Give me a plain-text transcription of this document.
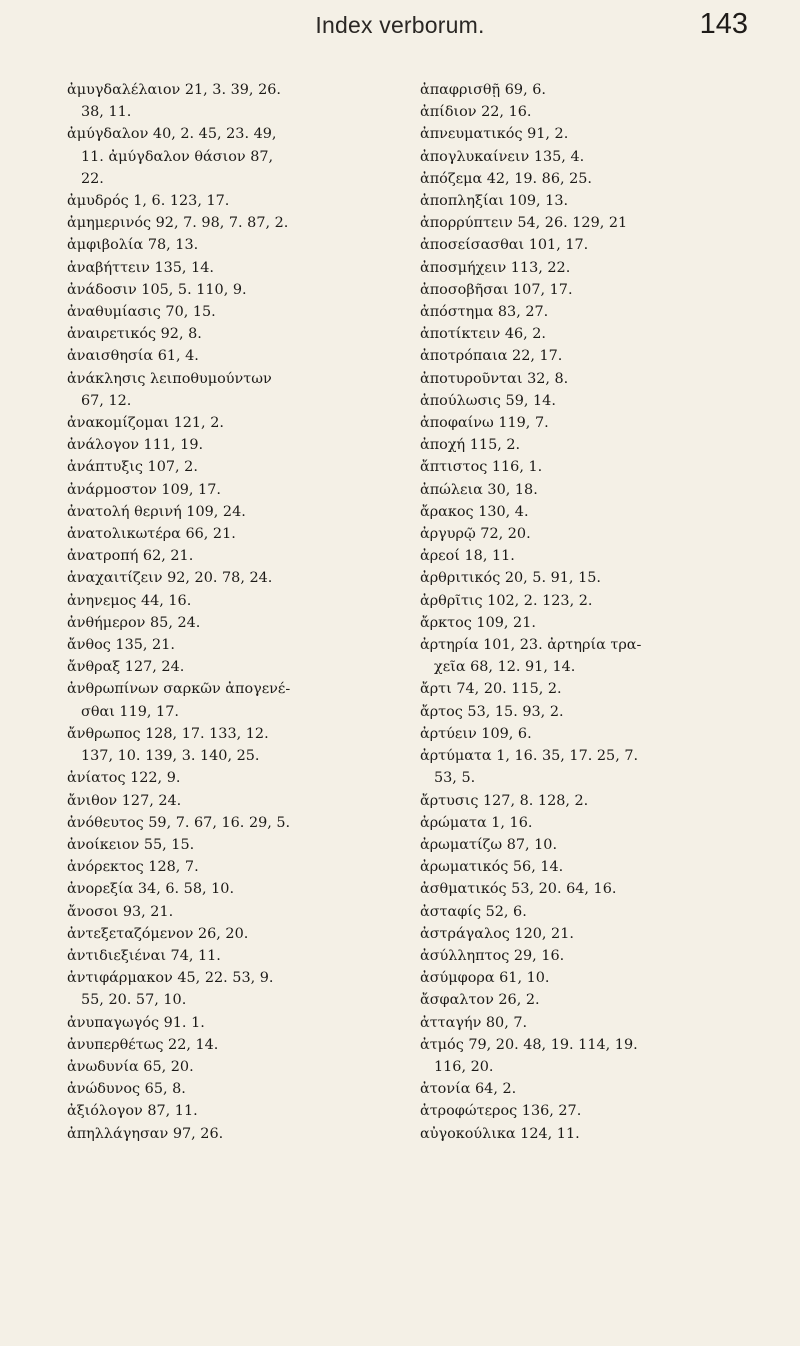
Index verborum.	143
ἀμυγδαλέλαιον 21, 3. 39, 26.
38, 11.
ἀμύγδαλον 40, 2. 45, 23. 49,
11. ἀμύγδαλον θάσιον 87,
22.
ἀμυδρός 1, 6. 123, 17.
ἀμημερινός 92, 7. 98, 7. 87, 2.
ἀμφιβολία 78, 13.
ἀναβήττειν 135, 14.
ἀνάδοσιν 105, 5. 110, 9.
ἀναθυμίασις 70, 15.
ἀναιρετικός 92, 8.
ἀναισθησία 61, 4.
ἀνάκλησις λειποθυμούντων
67, 12.
ἀνακομίζομαι 121, 2.
ἀνάλογον 111, 19.
ἀνάπτυξις 107, 2.
ἀνάρμοστον 109, 17.
ἀνατολή θερινή 109, 24.
ἀνατολικωτέρα 66, 21.
ἀνατροπή 62, 21.
ἀναχαιτίζειν 92, 20. 78, 24.
ἀνηνεμος 44, 16.
ἀνθήμερον 85, 24.
ἄνθος 135, 21.
ἄνθραξ 127, 24.
ἀνθρωπίνων σαρκῶν ἀπογενέ-
σθαι 119, 17.
ἄνθρωπος 128, 17. 133, 12.
137, 10. 139, 3. 140, 25.
ἀνίατος 122, 9.
ἄνιθον 127, 24.
ἀνόθευτος 59, 7. 67, 16. 29, 5.
ἀνοίκειον 55, 15.
ἀνόρεκτος 128, 7.
ἀνορεξία 34, 6. 58, 10.
ἄνοσοι 93, 21.
ἀντεξεταζόμενον 26, 20.
ἀντιδιεξιέναι 74, 11.
ἀντιφάρμακον 45, 22. 53, 9.
55, 20. 57, 10.
ἀνυπαγωγός 91. 1.
ἀνυπερθέτως 22, 14.
ἀνωδυνία 65, 20.
ἀνώδυνος 65, 8.
ἀξιόλογον 87, 11.
ἀπηλλάγησαν 97, 26.
ἀπαφρισθῇ 69, 6.
ἀπίδιον 22, 16.
ἀπνευματικός 91, 2.
ἀπογλυκαίνειν 135, 4.
ἀπόζεμα 42, 19. 86, 25.
ἀποπληξίαι 109, 13.
ἀπορρύπτειν 54, 26. 129, 21
ἀποσείσασθαι 101, 17.
ἀποσμήχειν 113, 22.
ἀποσοβῆσαι 107, 17.
ἀπόστημα 83, 27.
ἀποτίκτειν 46, 2.
ἀποτρόπαια 22, 17.
ἀποτυροῦνται 32, 8.
ἀπούλωσις 59, 14.
ἀποφαίνω 119, 7.
ἀποχή 115, 2.
ἄπτιστος 116, 1.
ἀπώλεια 30, 18.
ἄρακος 130, 4.
ἀργυρῷ 72, 20.
ἀρεοί 18, 11.
ἀρθριτικός 20, 5. 91, 15.
ἀρθρῖτις 102, 2. 123, 2.
ἄρκτος 109, 21.
ἀρτηρία 101, 23. ἀρτηρία τρα-
χεῖα 68, 12. 91, 14.
ἄρτι 74, 20. 115, 2.
ἄρτος 53, 15. 93, 2.
ἀρτύειν 109, 6.
ἀρτύματα 1, 16. 35, 17. 25, 7.
53, 5.
ἄρτυσις 127, 8. 128, 2.
ἀρώματα 1, 16.
ἀρωματίζω 87, 10.
ἀρωματικός 56, 14.
ἀσθματικός 53, 20. 64, 16.
ἀσταφίς 52, 6.
ἀστράγαλος 120, 21.
ἀσύλληπτος 29, 16.
ἀσύμφορα 61, 10.
ἄσφαλτον 26, 2.
ἀτταγήν 80, 7.
ἀτμός 79, 20. 48, 19. 114, 19.
116, 20.
ἀτονία 64, 2.
ἀτροφώτερος 136, 27.
αὐγοκούλικα 124, 11.
